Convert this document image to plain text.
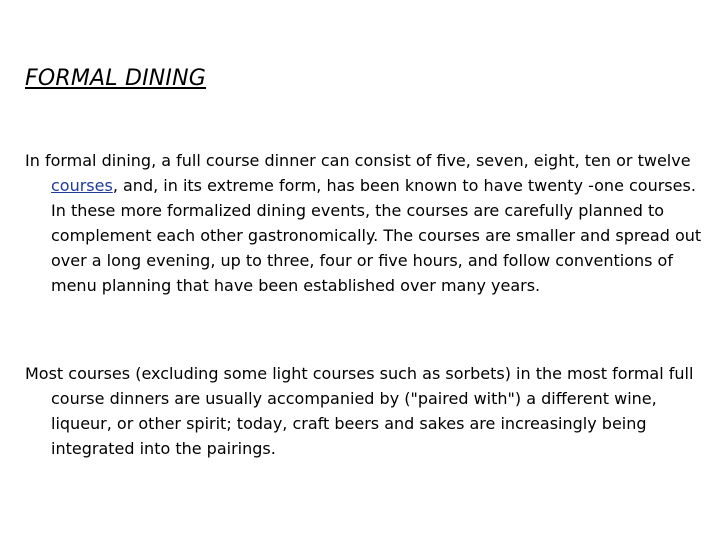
FORMAL DINING

In formal dining, a full course dinner can consist of five, seven, eight, ten or twelve courses, and, in its extreme form, has been known to have twenty -one courses. In these more formalized dining events, the courses are carefully planned to complement each other gastronomically. The courses are smaller and spread out over a long evening, up to three, four or five hours, and follow conventions of menu planning that have been established over many years.

Most courses (excluding some light courses such as sorbets) in the most formal full course dinners are usually accompanied by ("paired with") a different wine, liqueur, or other spirit; today, craft beers and sakes are increasingly being integrated into the pairings.
